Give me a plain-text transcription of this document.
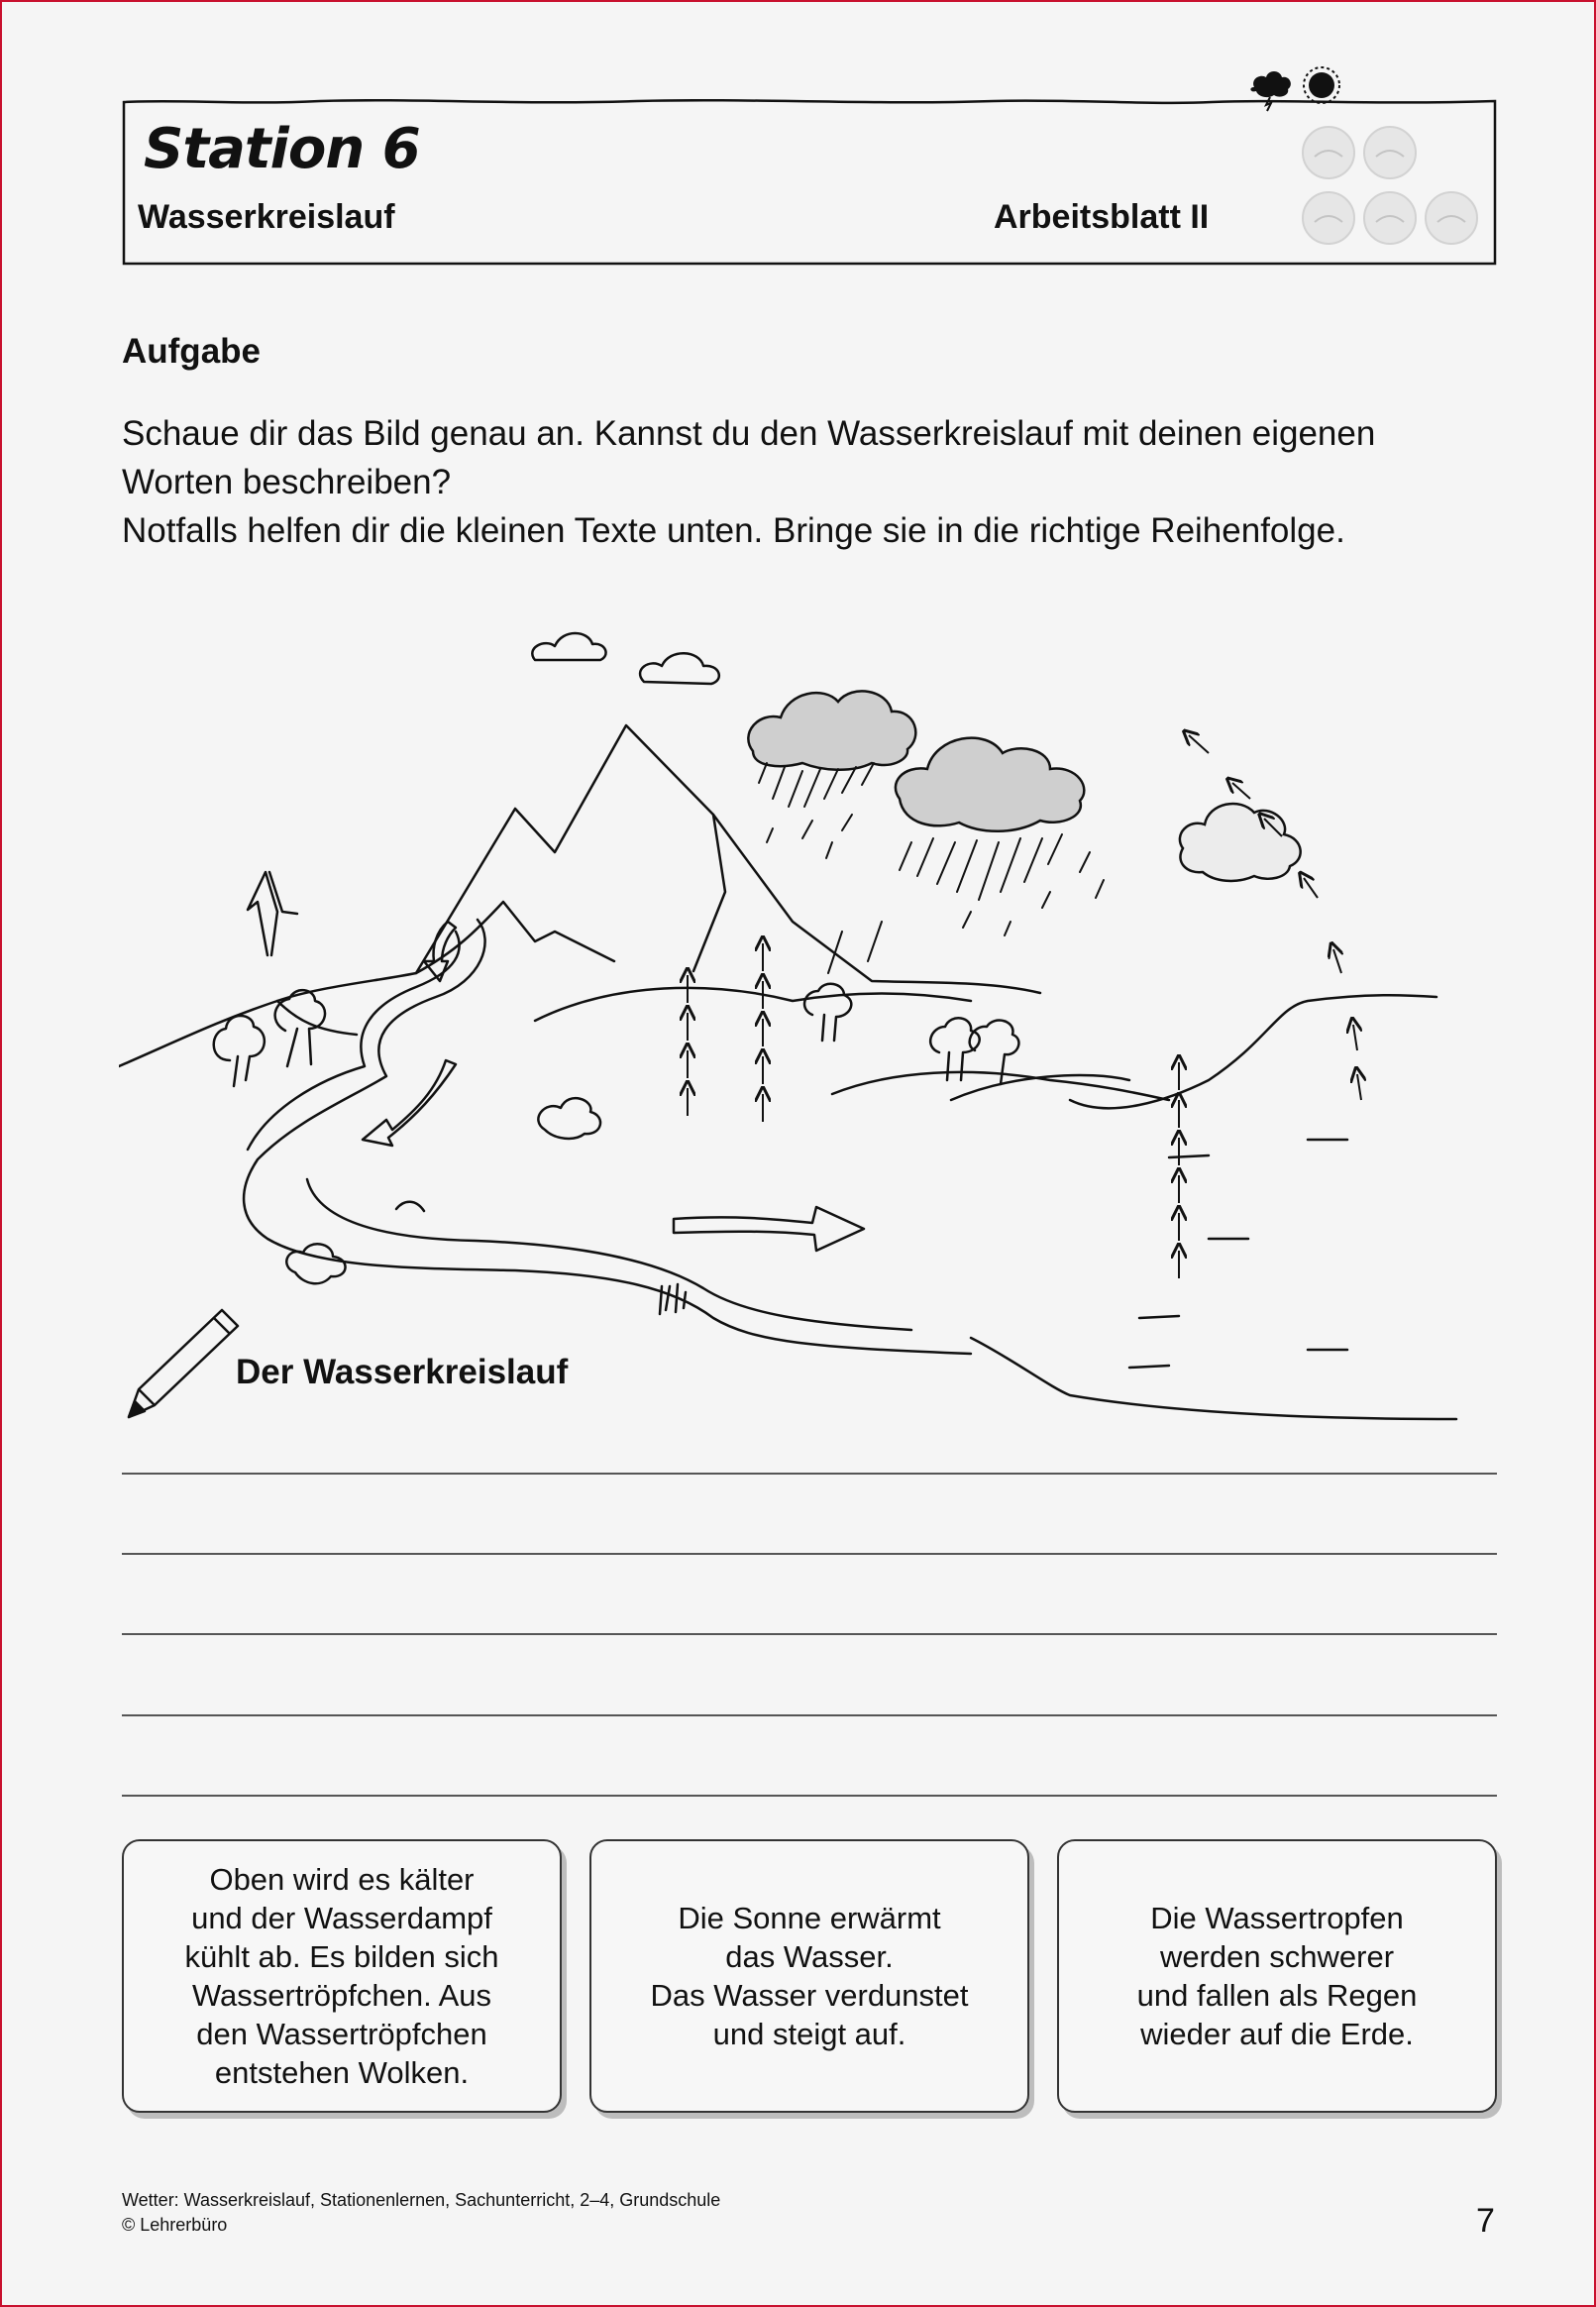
Station 6
Wasserkreislauf	Arbeitsblatt II
Aufgabe
Schaue dir das Bild genau an. Kannst du den Wasserkreislauf mit deinen eigenen
Worten beschreiben?
Notfalls helfen dir die kleinen Texte unten. Bringe sie in die richtige Reihenfolge.
Der Wasserkreislauf
Oben wird es kälter
und der Wasserdampf
kühlt ab. Es bilden sich
Wassertröpfchen. Aus
den Wassertröpfchen
entstehen Wolken.
Die Sonne erwärmt
das Wasser.
Das Wasser verdunstet
und steigt auf.
Die Wassertropfen
werden schwerer
und fallen als Regen
wieder auf die Erde.
Wetter: Wasserkreislauf, Stationenlernen, Sachunterricht, 2–4, Grundschule
© Lehrerbüro	7
